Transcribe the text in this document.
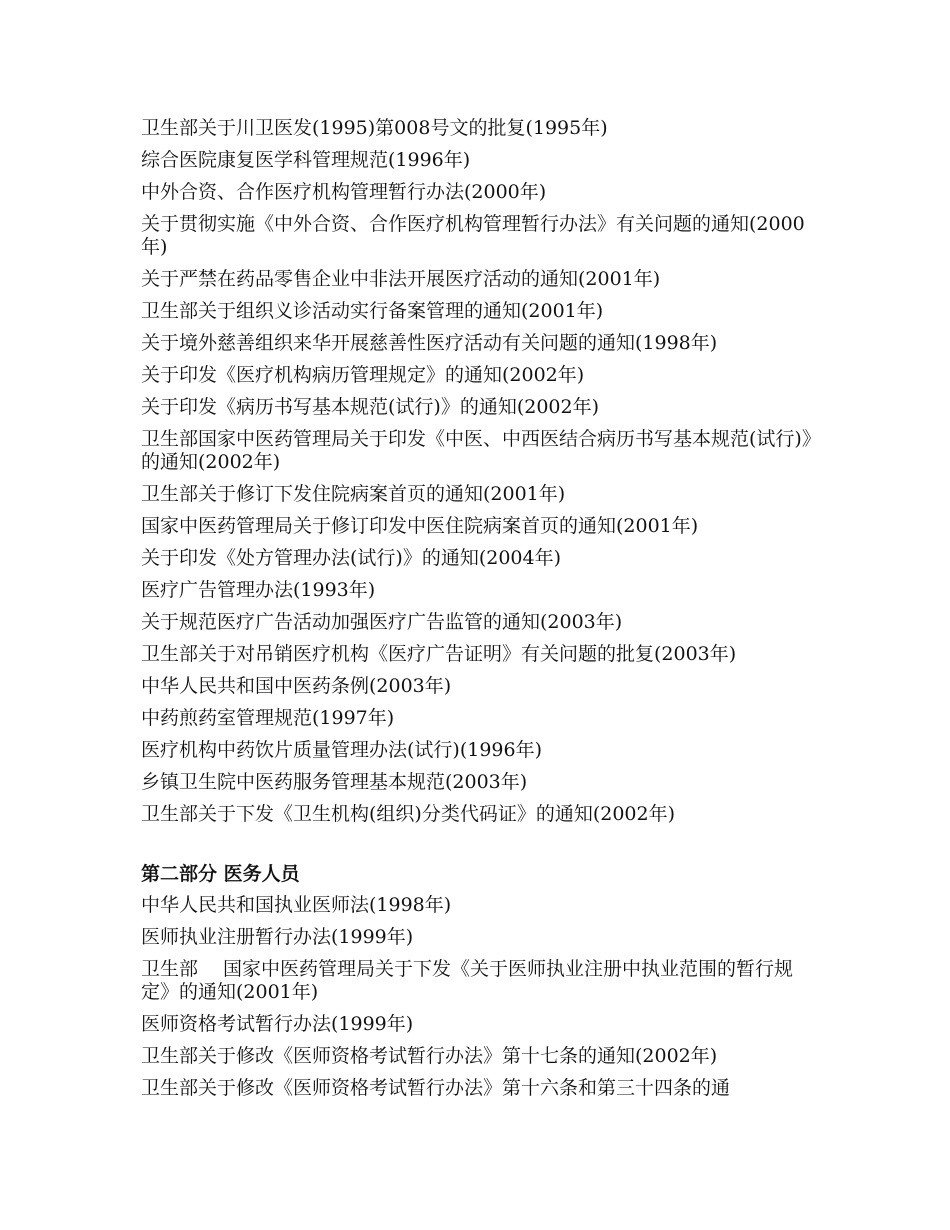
卫生部关于川卫医发(1995)第008号文的批复(1995年)
综合医院康复医学科管理规范(1996年)
中外合资、合作医疗机构管理暂行办法(2000年)
关于贯彻实施《中外合资、合作医疗机构管理暂行办法》有关问题的通知(2000年)
关于严禁在药品零售企业中非法开展医疗活动的通知(2001年)
卫生部关于组织义诊活动实行备案管理的通知(2001年)
关于境外慈善组织来华开展慈善性医疗活动有关问题的通知(1998年)
关于印发《医疗机构病历管理规定》的通知(2002年)
关于印发《病历书写基本规范(试行)》的通知(2002年)
卫生部国家中医药管理局关于印发《中医、中西医结合病历书写基本规范(试行)》的通知(2002年)
卫生部关于修订下发住院病案首页的通知(2001年)
国家中医药管理局关于修订印发中医住院病案首页的通知(2001年)
关于印发《处方管理办法(试行)》的通知(2004年)
医疗广告管理办法(1993年)
关于规范医疗广告活动加强医疗广告监管的通知(2003年)
卫生部关于对吊销医疗机构《医疗广告证明》有关问题的批复(2003年)
中华人民共和国中医药条例(2003年)
中药煎药室管理规范(1997年)
医疗机构中药饮片质量管理办法(试行)(1996年)
乡镇卫生院中医药服务管理基本规范(2003年)
卫生部关于下发《卫生机构(组织)分类代码证》的通知(2002年)
第二部分 医务人员
中华人民共和国执业医师法(1998年)
医师执业注册暂行办法(1999年)
卫生部　 国家中医药管理局关于下发《关于医师执业注册中执业范围的暂行规定》的通知(2001年)
医师资格考试暂行办法(1999年)
卫生部关于修改《医师资格考试暂行办法》第十七条的通知(2002年)
卫生部关于修改《医师资格考试暂行办法》第十六条和第三十四条的通
